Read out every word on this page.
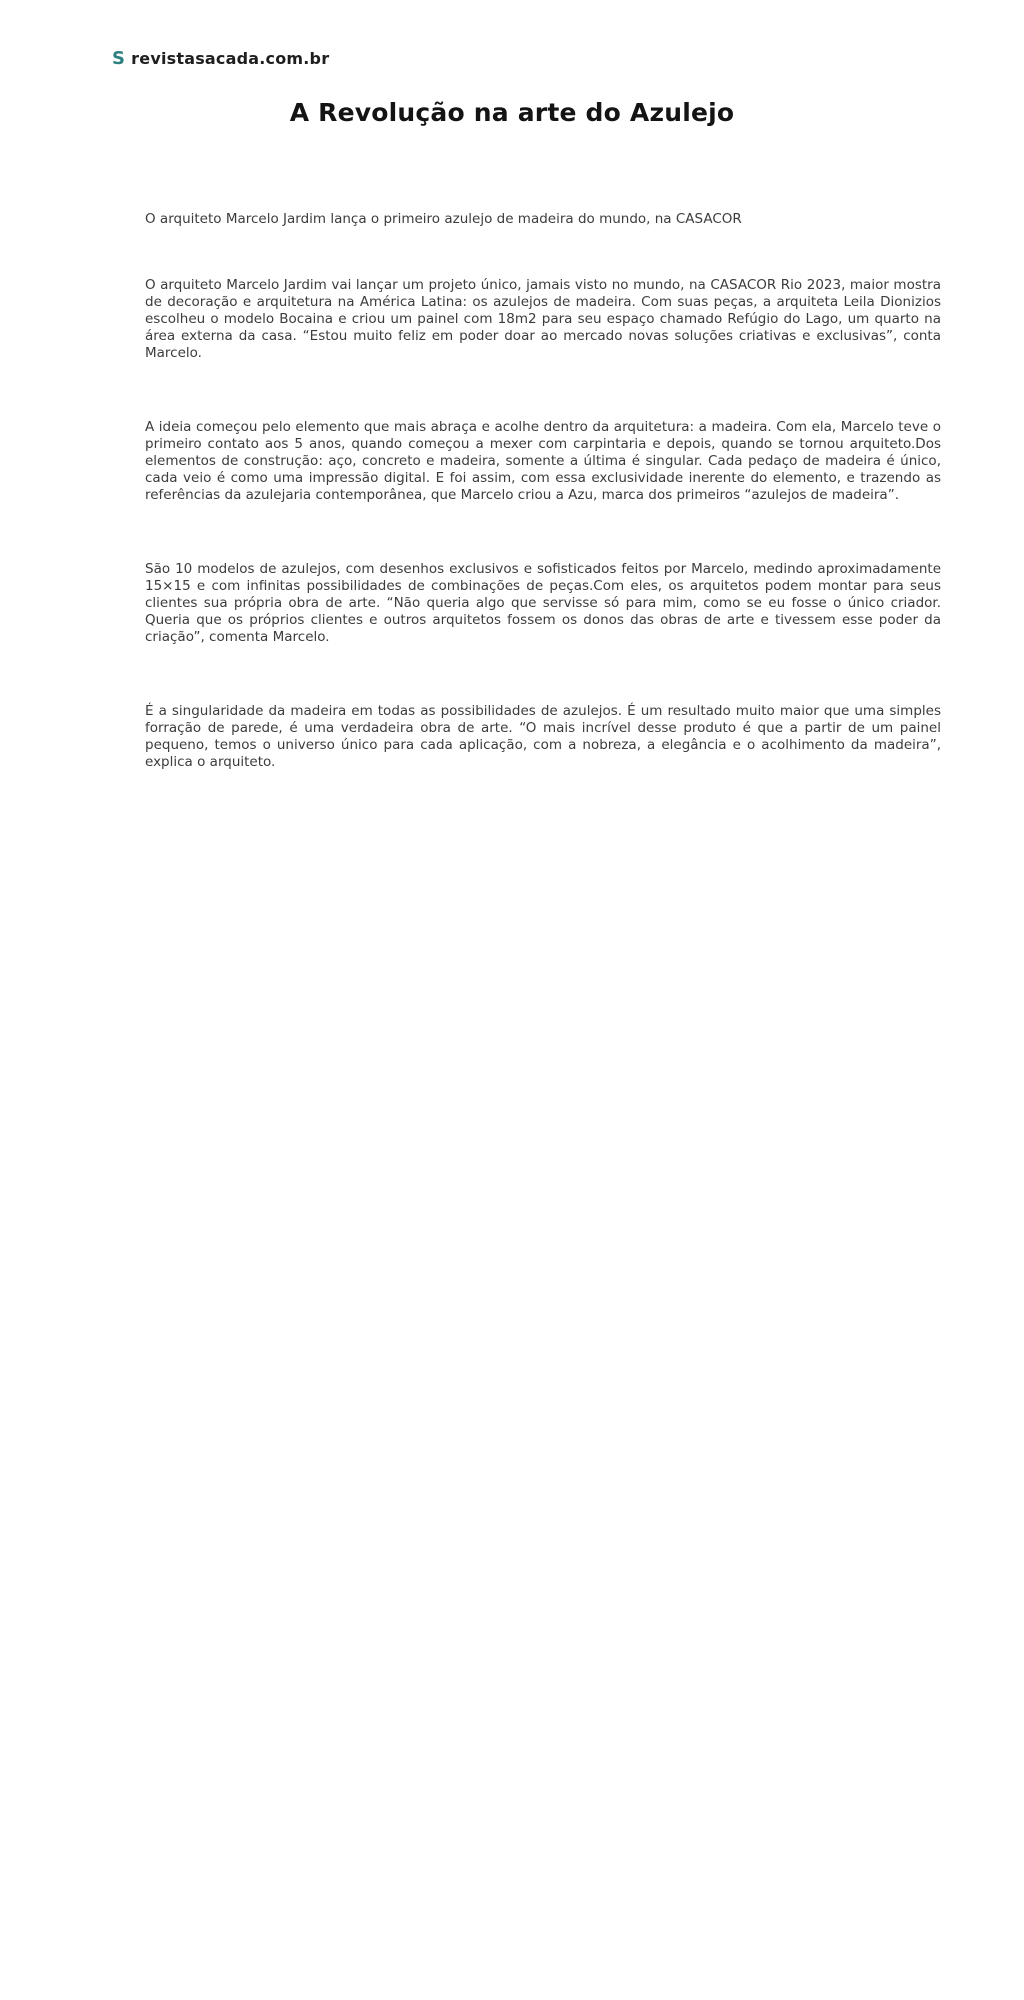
S revistasacada.com.br
A Revolução na arte do Azulejo

O arquiteto Marcelo Jardim lança o primeiro azulejo de madeira do mundo, na CASACOR

O arquiteto Marcelo Jardim vai lançar um projeto único, jamais visto no mundo, na CASACOR Rio 2023, maior mostra de decoração e arquitetura na América Latina: os azulejos de madeira. Com suas peças, a arquiteta Leila Dionizios escolheu o modelo Bocaina e criou um painel com 18m2 para seu espaço chamado Refúgio do Lago, um quarto na área externa da casa. “Estou muito feliz em poder doar ao mercado novas soluções criativas e exclusivas”, conta Marcelo.

A ideia começou pelo elemento que mais abraça e acolhe dentro da arquitetura: a madeira. Com ela, Marcelo teve o primeiro contato aos 5 anos, quando começou a mexer com carpintaria e depois, quando se tornou arquiteto.​Dos elementos de construção: aço, concreto e madeira, somente a última é singular. Cada pedaço de madeira é único, cada veio é como uma impressão digital. E foi assim, com essa exclusividade inerente do elemento, e trazendo as referências da azulejaria contemporânea, que Marcelo criou a Azu, marca dos primeiros “azulejos de madeira”.

São 10 modelos de azulejos, com desenhos exclusivos e sofisticados feitos por Marcelo, medindo aproximadamente 15×15 e com infinitas possibilidades de combinações de peças.​Com eles, os arquitetos podem montar para seus clientes sua própria obra de arte. “Não queria algo que servisse só para mim, como se eu fosse o único criador. Queria que os próprios clientes e outros arquitetos fossem os donos das obras de arte e tivessem esse poder da criação”, comenta Marcelo.

É a singularidade da madeira em todas as possibilidades de azulejos. É um resultado muito maior que uma simples forração de parede, é uma verdadeira obra de arte. “O mais incrível desse produto é que a partir de um painel pequeno, temos o universo único para cada aplicação, com a nobreza, a elegância e o acolhimento da madeira”, explica o arquiteto.
